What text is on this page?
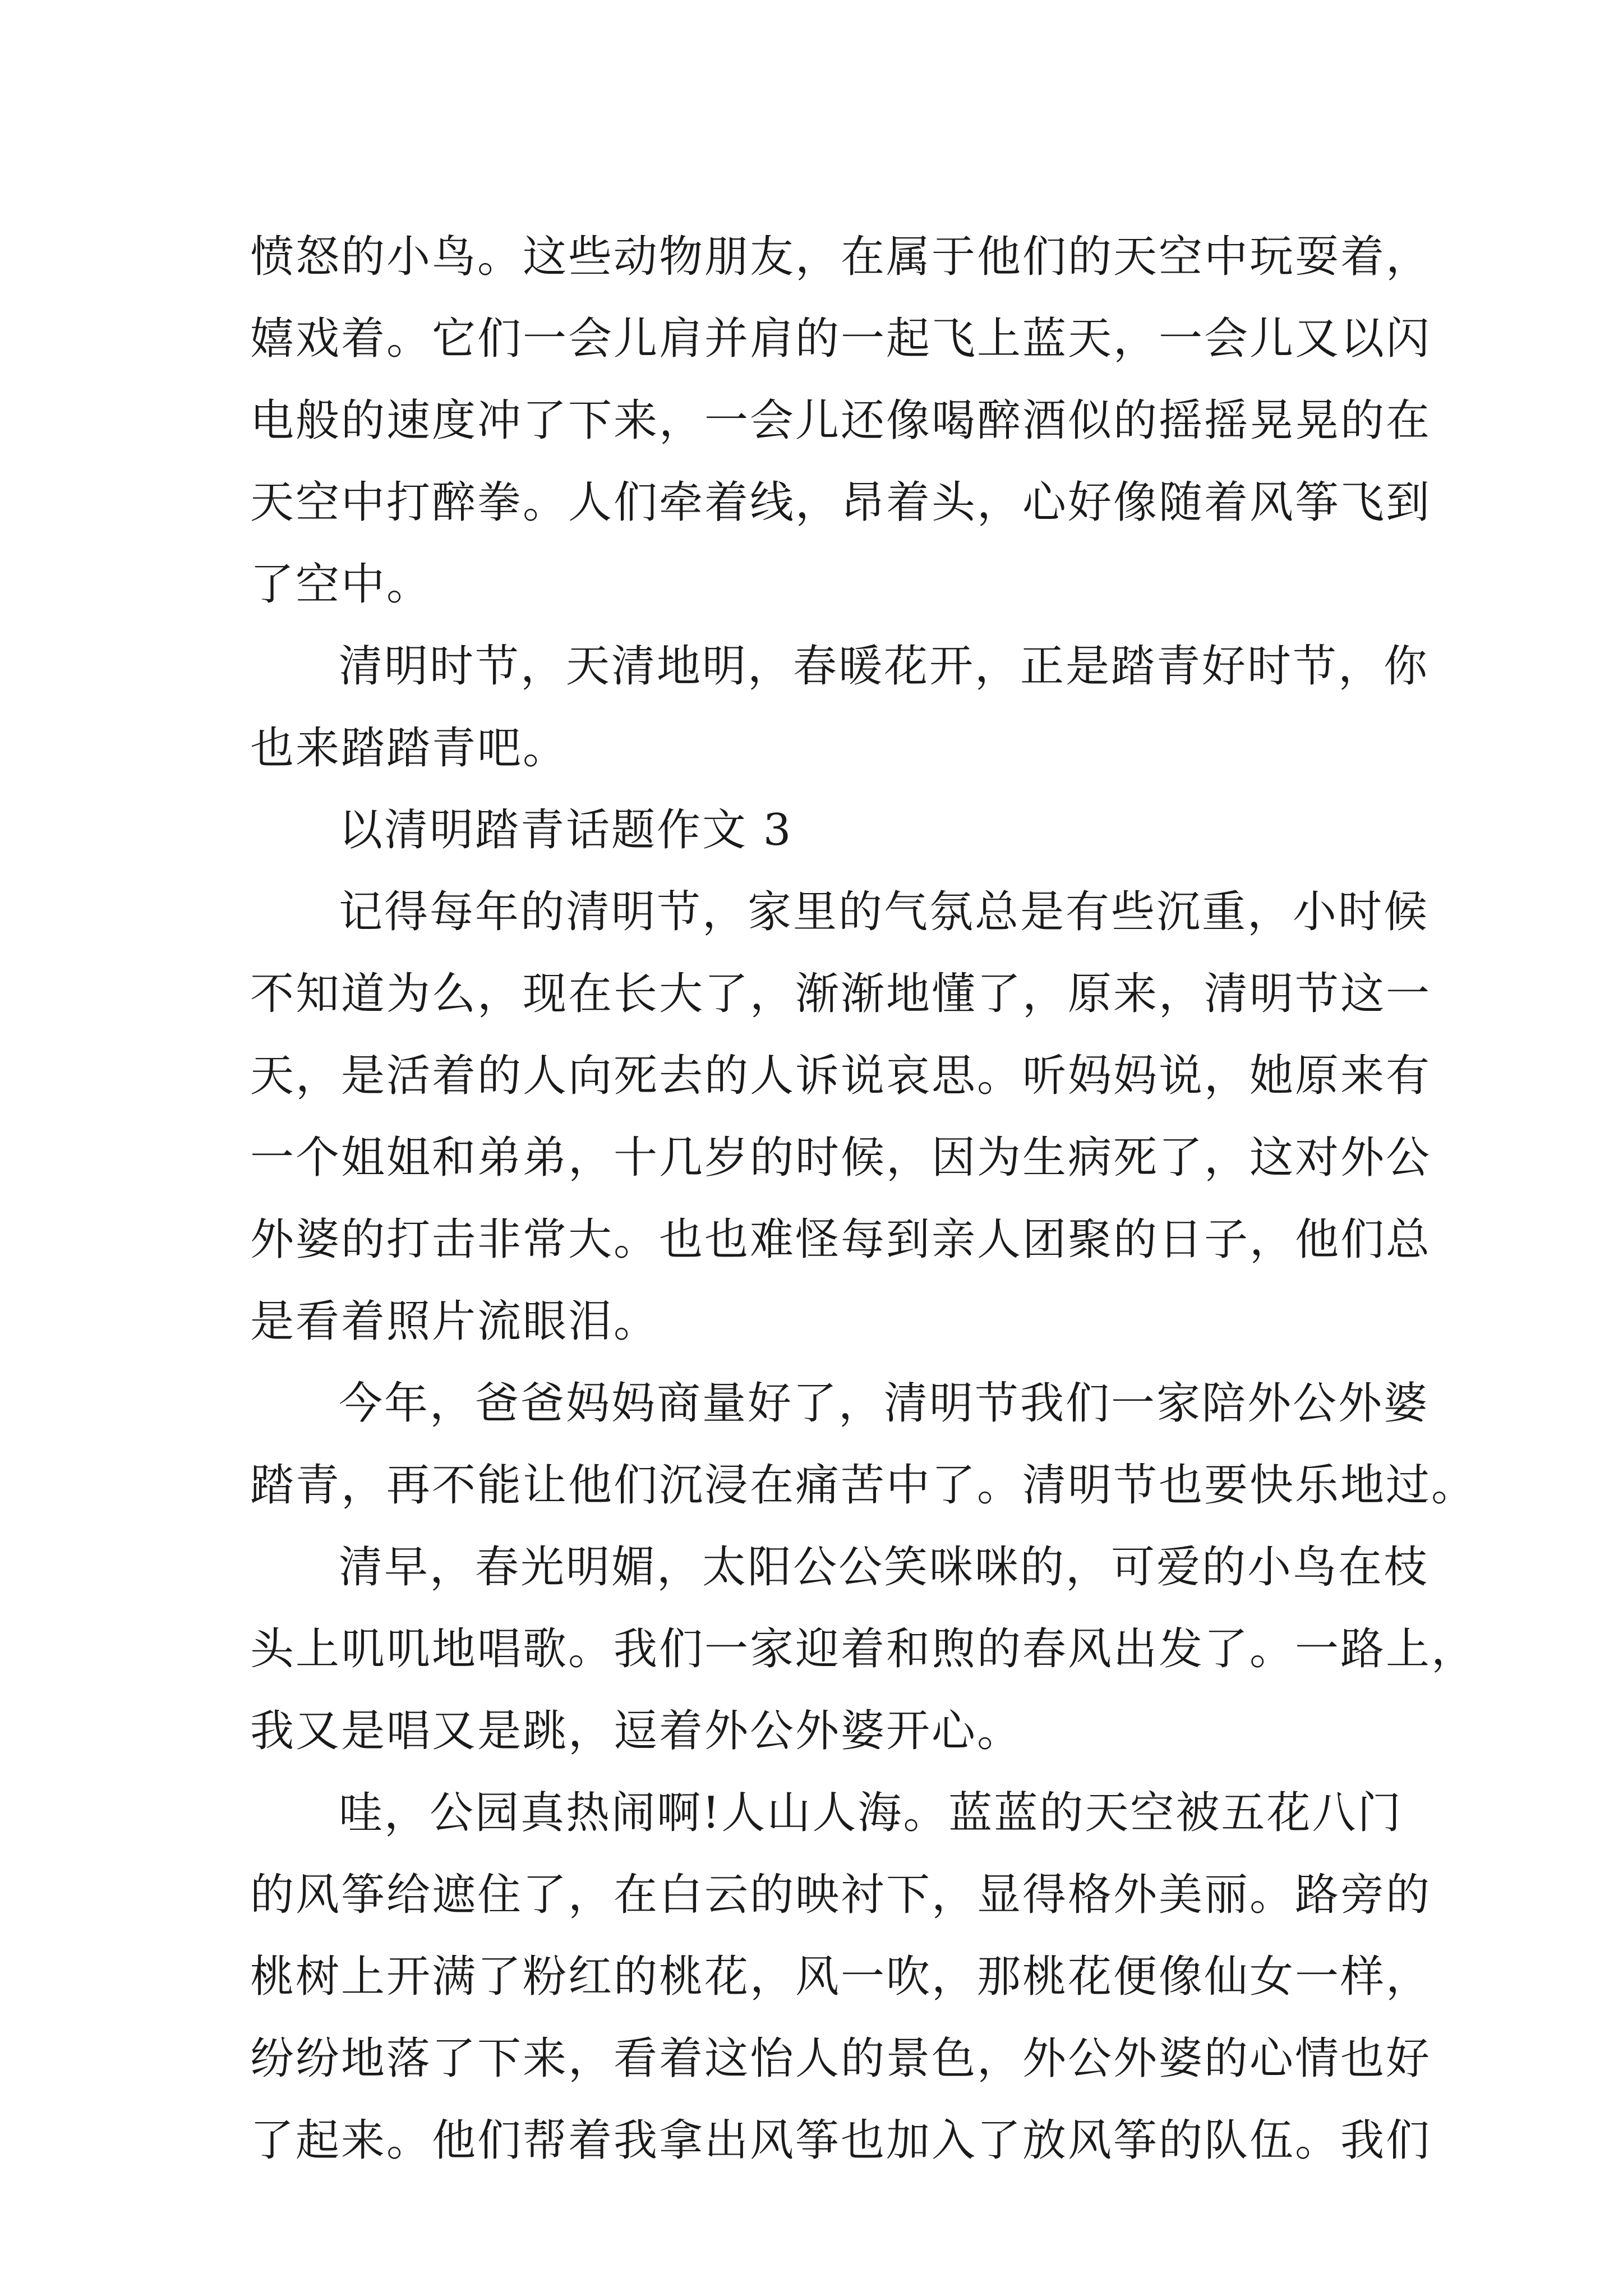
愤怒的小鸟。这些动物朋友，在属于他们的天空中玩耍着，

嬉戏着。它们一会儿肩并肩的一起飞上蓝天，一会儿又以闪

电般的速度冲了下来，一会儿还像喝醉酒似的摇摇晃晃的在

天空中打醉拳。人们牵着线，昂着头，心好像随着风筝飞到

了空中。

清明时节，天清地明，春暖花开，正是踏青好时节，你

也来踏踏青吧。

以清明踏青话题作文 3

记得每年的清明节，家里的气氛总是有些沉重，小时候

不知道为么，现在长大了，渐渐地懂了，原来，清明节这一

天，是活着的人向死去的人诉说哀思。听妈妈说，她原来有

一个姐姐和弟弟，十几岁的时候，因为生病死了，这对外公

外婆的打击非常大。也也难怪每到亲人团聚的日子，他们总

是看着照片流眼泪。

今年，爸爸妈妈商量好了，清明节我们一家陪外公外婆

踏青，再不能让他们沉浸在痛苦中了。清明节也要快乐地过。

清早，春光明媚，太阳公公笑咪咪的，可爱的小鸟在枝

头上叽叽地唱歌。我们一家迎着和煦的春风出发了。一路上，

我又是唱又是跳，逗着外公外婆开心。

哇，公园真热闹啊!人山人海。蓝蓝的天空被五花八门

的风筝给遮住了，在白云的映衬下，显得格外美丽。路旁的

桃树上开满了粉红的桃花，风一吹，那桃花便像仙女一样，

纷纷地落了下来，看着这怡人的景色，外公外婆的心情也好

了起来。他们帮着我拿出风筝也加入了放风筝的队伍。我们
